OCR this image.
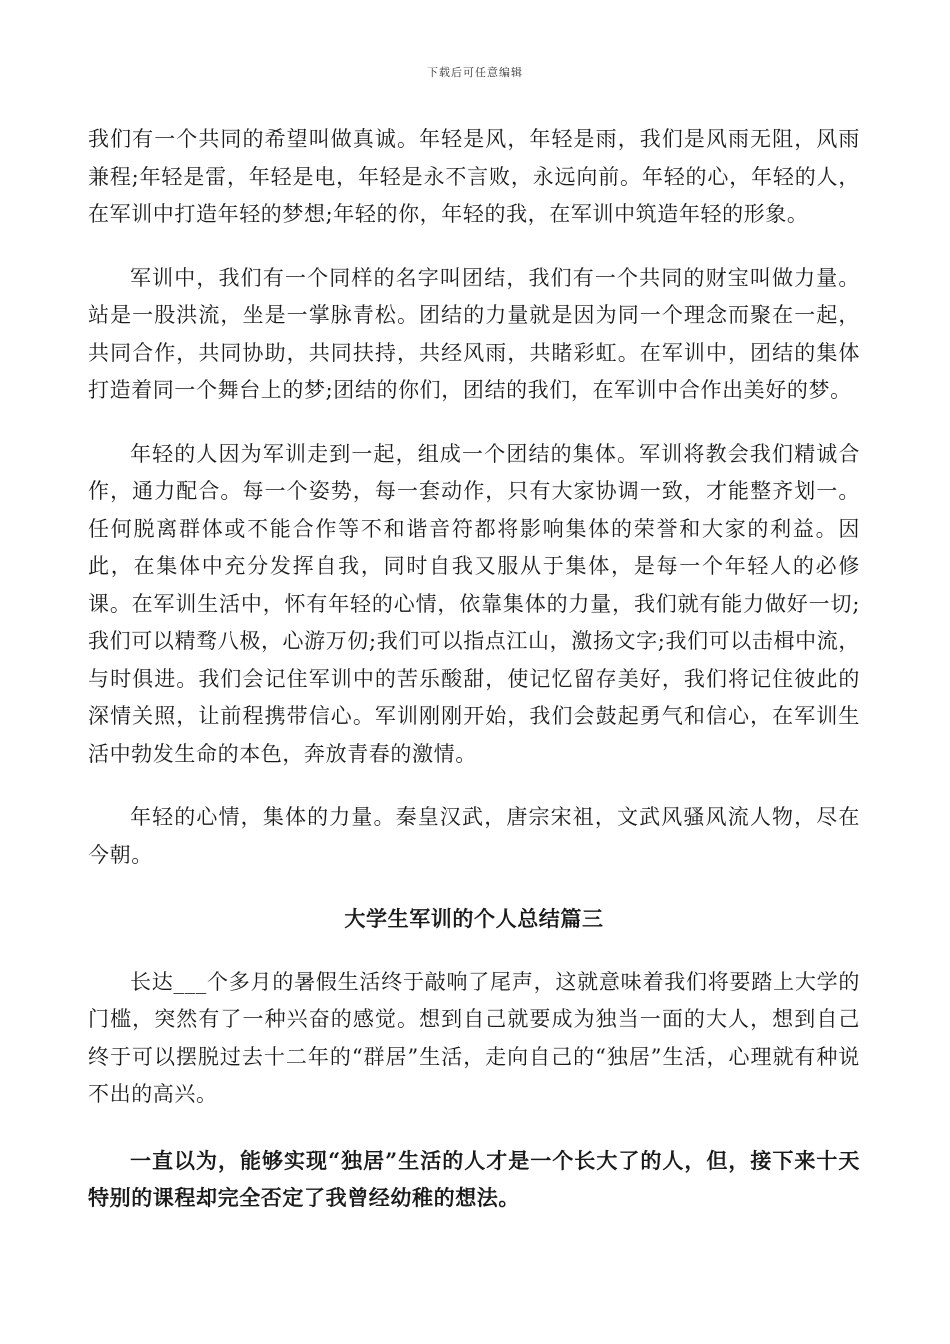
下载后可任意编辑

我们有一个共同的希望叫做真诚。年轻是风，年轻是雨，我们是风雨无阻，风雨兼程;年轻是雷，年轻是电，年轻是永不言败，永远向前。年轻的心，年轻的人，在军训中打造年轻的梦想;年轻的你，年轻的我，在军训中筑造年轻的形象。

军训中，我们有一个同样的名字叫团结，我们有一个共同的财宝叫做力量。站是一股洪流，坐是一掌脉青松。团结的力量就是因为同一个理念而聚在一起，共同合作，共同协助，共同扶持，共经风雨，共睹彩虹。在军训中，团结的集体打造着同一个舞台上的梦;团结的你们，团结的我们，在军训中合作出美好的梦。

年轻的人因为军训走到一起，组成一个团结的集体。军训将教会我们精诚合作，通力配合。每一个姿势，每一套动作，只有大家协调一致，才能整齐划一。任何脱离群体或不能合作等不和谐音符都将影响集体的荣誉和大家的利益。因此，在集体中充分发挥自我，同时自我又服从于集体，是每一个年轻人的必修课。在军训生活中，怀有年轻的心情，依靠集体的力量，我们就有能力做好一切;我们可以精骛八极，心游万仞;我们可以指点江山，激扬文字;我们可以击楫中流，与时俱进。我们会记住军训中的苦乐酸甜，使记忆留存美好，我们将记住彼此的深情关照，让前程携带信心。军训刚刚开始，我们会鼓起勇气和信心，在军训生活中勃发生命的本色，奔放青春的激情。

年轻的心情，集体的力量。秦皇汉武，唐宗宋祖，文武风骚风流人物，尽在今朝。

大学生军训的个人总结篇三

长达___个多月的暑假生活终于敲响了尾声，这就意味着我们将要踏上大学的门槛，突然有了一种兴奋的感觉。想到自己就要成为独当一面的大人，想到自己终于可以摆脱过去十二年的“群居”生活，走向自己的“独居”生活，心理就有种说不出的高兴。

一直以为，能够实现“独居”生活的人才是一个长大了的人，但，接下来十天特别的课程却完全否定了我曾经幼稚的想法。
